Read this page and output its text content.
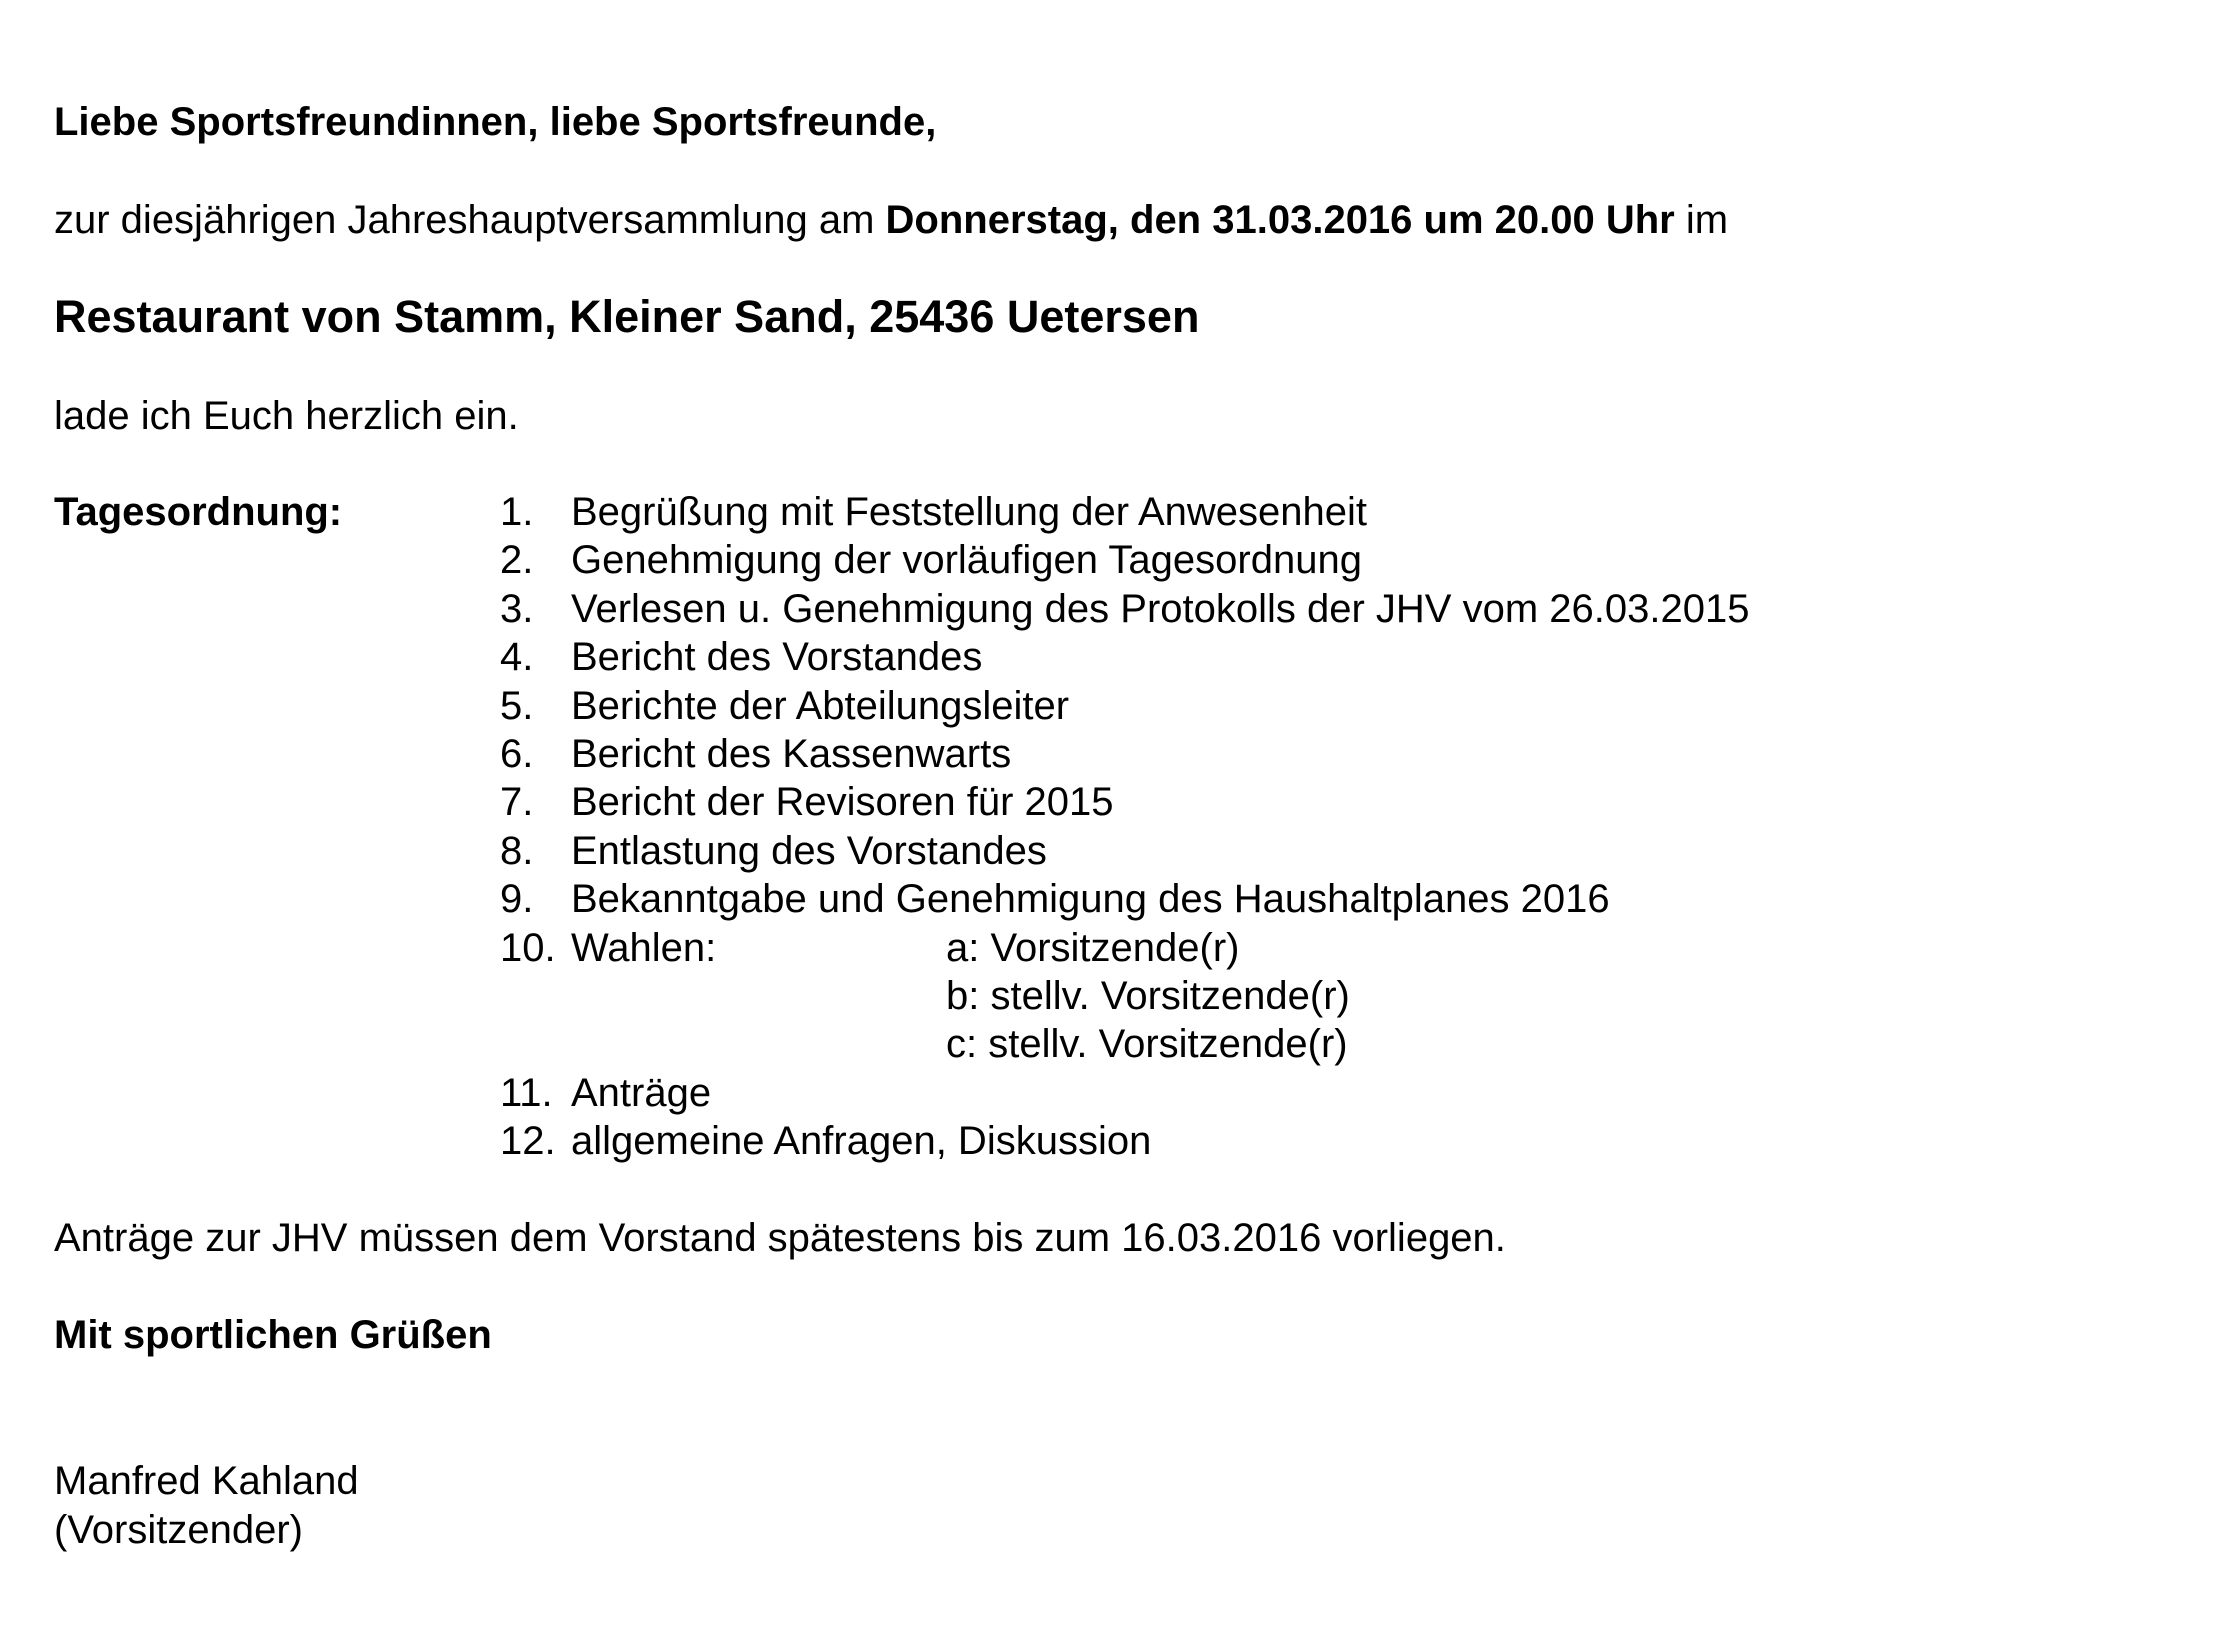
Liebe Sportsfreundinnen, liebe Sportsfreunde,
zur diesjährigen Jahreshauptversammlung am Donnerstag, den 31.03.2016 um 20.00 Uhr im
Restaurant von Stamm, Kleiner Sand, 25436 Uetersen
lade ich Euch herzlich ein.
Tagesordnung:	1. Begrüßung mit Feststellung der Anwesenheit
2. Genehmigung der vorläufigen Tagesordnung
3. Verlesen u. Genehmigung des Protokolls der JHV vom 26.03.2015
4. Bericht des Vorstandes
5. Berichte der Abteilungsleiter
6. Bericht des Kassenwarts
7. Bericht der Revisoren für 2015
8. Entlastung des Vorstandes
9. Bekanntgabe und Genehmigung des Haushaltplanes 2016
10. Wahlen:	a: Vorsitzende(r)
b: stellv. Vorsitzende(r)
c: stellv. Vorsitzende(r)
11. Anträge
12. allgemeine Anfragen, Diskussion
Anträge zur JHV müssen dem Vorstand spätestens bis zum 16.03.2016 vorliegen.
Mit sportlichen Grüßen
Manfred Kahland
(Vorsitzender)
